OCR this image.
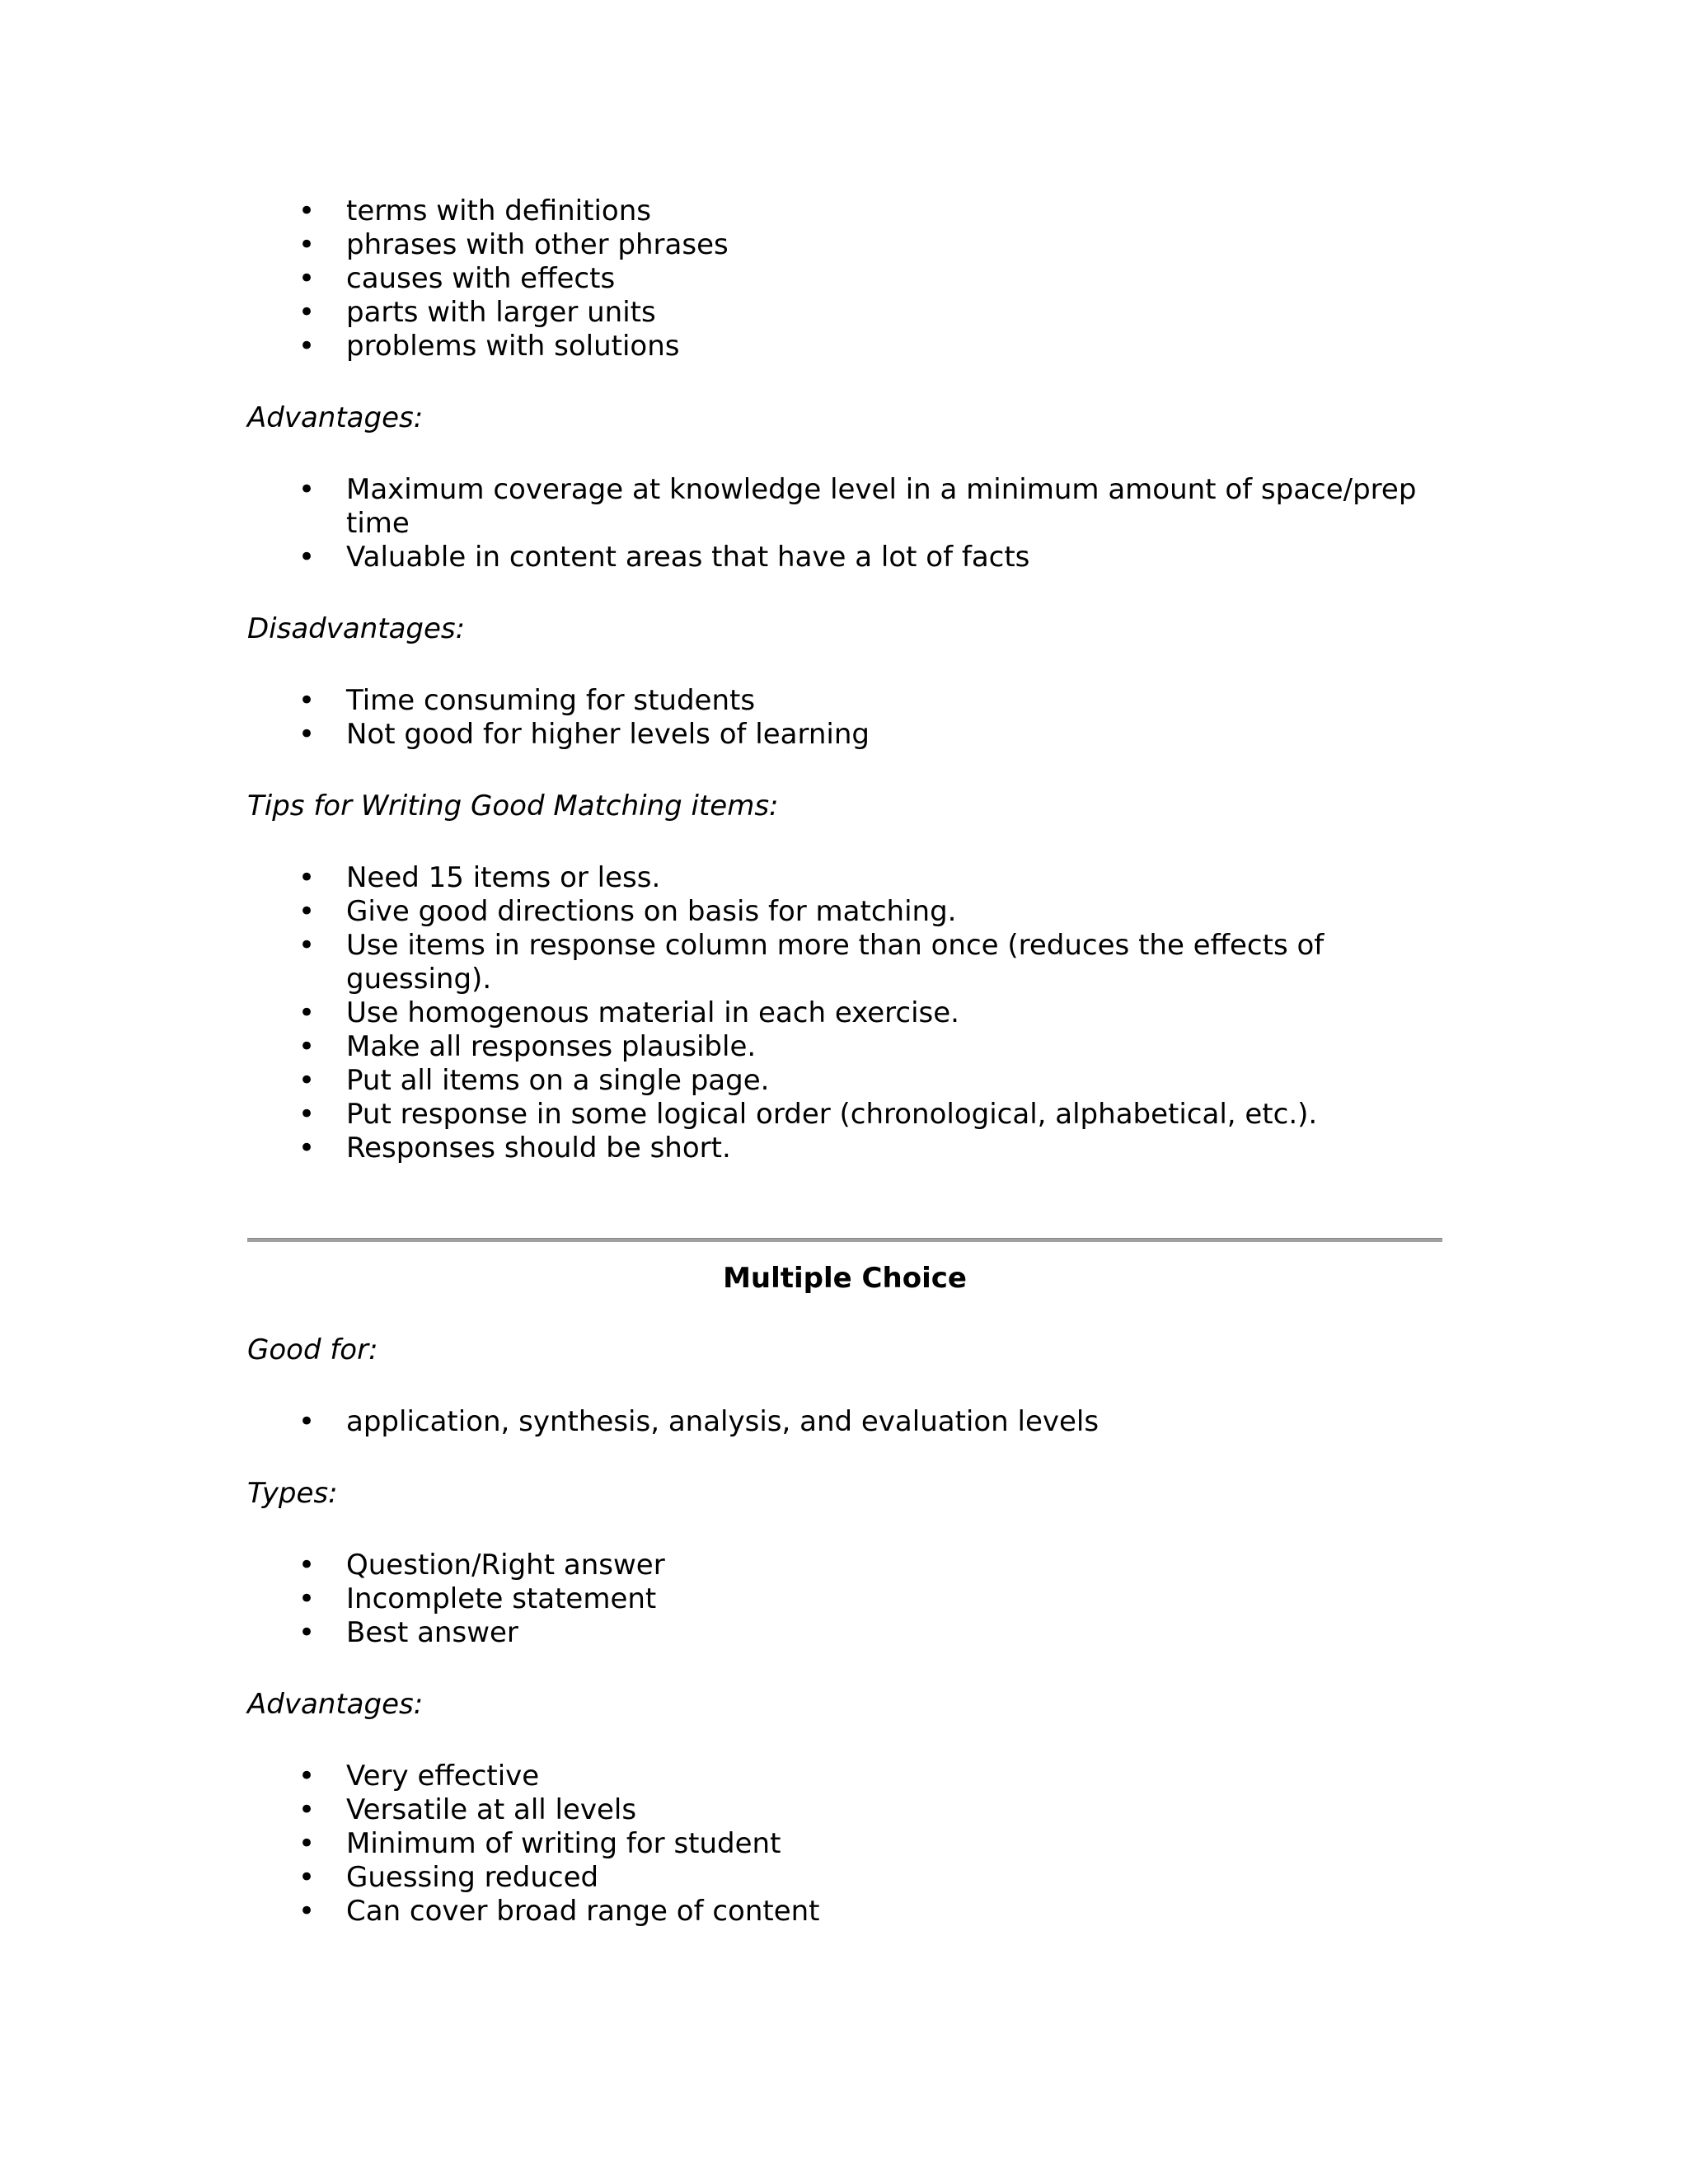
• terms with definitions
• phrases with other phrases
• causes with effects
• parts with larger units
• problems with solutions

Advantages:

• Maximum coverage at knowledge level in a minimum amount of space/prep time
• Valuable in content areas that have a lot of facts

Disadvantages:

• Time consuming for students
• Not good for higher levels of learning

Tips for Writing Good Matching items:

• Need 15 items or less.
• Give good directions on basis for matching.
• Use items in response column more than once (reduces the effects of guessing).
• Use homogenous material in each exercise.
• Make all responses plausible.
• Put all items on a single page.
• Put response in some logical order (chronological, alphabetical, etc.).
• Responses should be short.

Multiple Choice

Good for:

• application, synthesis, analysis, and evaluation levels

Types:

• Question/Right answer
• Incomplete statement
• Best answer

Advantages:

• Very effective
• Versatile at all levels
• Minimum of writing for student
• Guessing reduced
• Can cover broad range of content
